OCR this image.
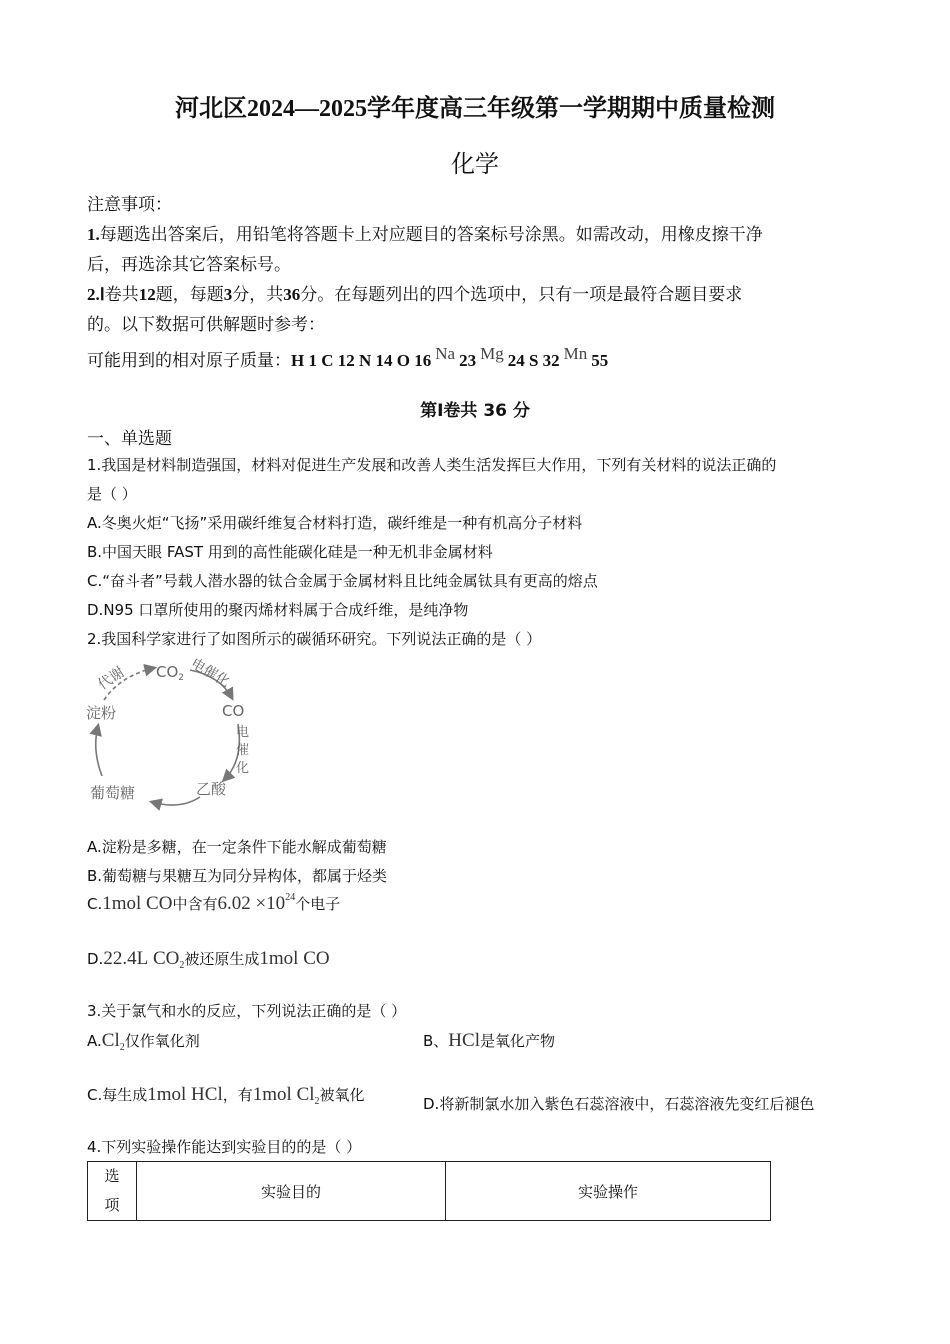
河北区2024—2025学年度高三年级第一学期期中质量检测
化学
注意事项：
1.每题选出答案后，用铅笔将答题卡上对应题目的答案标号涂黑。如需改动，用橡皮擦干净
后，再选涂其它答案标号。
2.Ⅰ卷共12题，每题3分，共36分。在每题列出的四个选项中，只有一项是最符合题目要求
的。以下数据可供解题时参考：
可能用到的相对原子质量：H 1 C 12 N 14 O 16 Na 23 Mg 24 S 32 Mn 55
第Ⅰ卷共 36 分
一、单选题
1.我国是材料制造强国，材料对促进生产发展和改善人类生活发挥巨大作用，下列有关材料的说法正确的
是（ ）
A.冬奥火炬“飞扬”采用碳纤维复合材料打造，碳纤维是一种有机高分子材料
B.中国天眼 FAST 用到的高性能碳化硅是一种无机非金属材料
C.“奋斗者”号载人潜水器的钛合金属于金属材料且比纯金属钛具有更高的熔点
D.N95 口罩所使用的聚丙烯材料属于合成纤维，是纯净物
2.我国科学家进行了如图所示的碳循环研究。下列说法正确的是（ ）
代谢 $CO_2$ 电催化
CO
电
催
化
淀粉
乙酸
葡萄糖
A.淀粉是多糖，在一定条件下能水解成葡萄糖
B.葡萄糖与果糖互为同分异构体，都属于烃类
C.1mol CO中含有$6.02 \times 10^{24}$个电子
D.22.4L $CO_2$被还原生成1mol CO
3.关于氯气和水的反应，下列说法正确的是（ ）
$A.Cl_2$仅作氧化剂	B、HCl是氧化产物
C.每生成1mol HCl，有1mol $Cl_2$被氧化	D.将新制氯水加入紫色石蕊溶液中，石蕊溶液先变红后褪色
4.下列实验操作能达到实验目的的是（ ）
选
项	实验目的	实验操作
